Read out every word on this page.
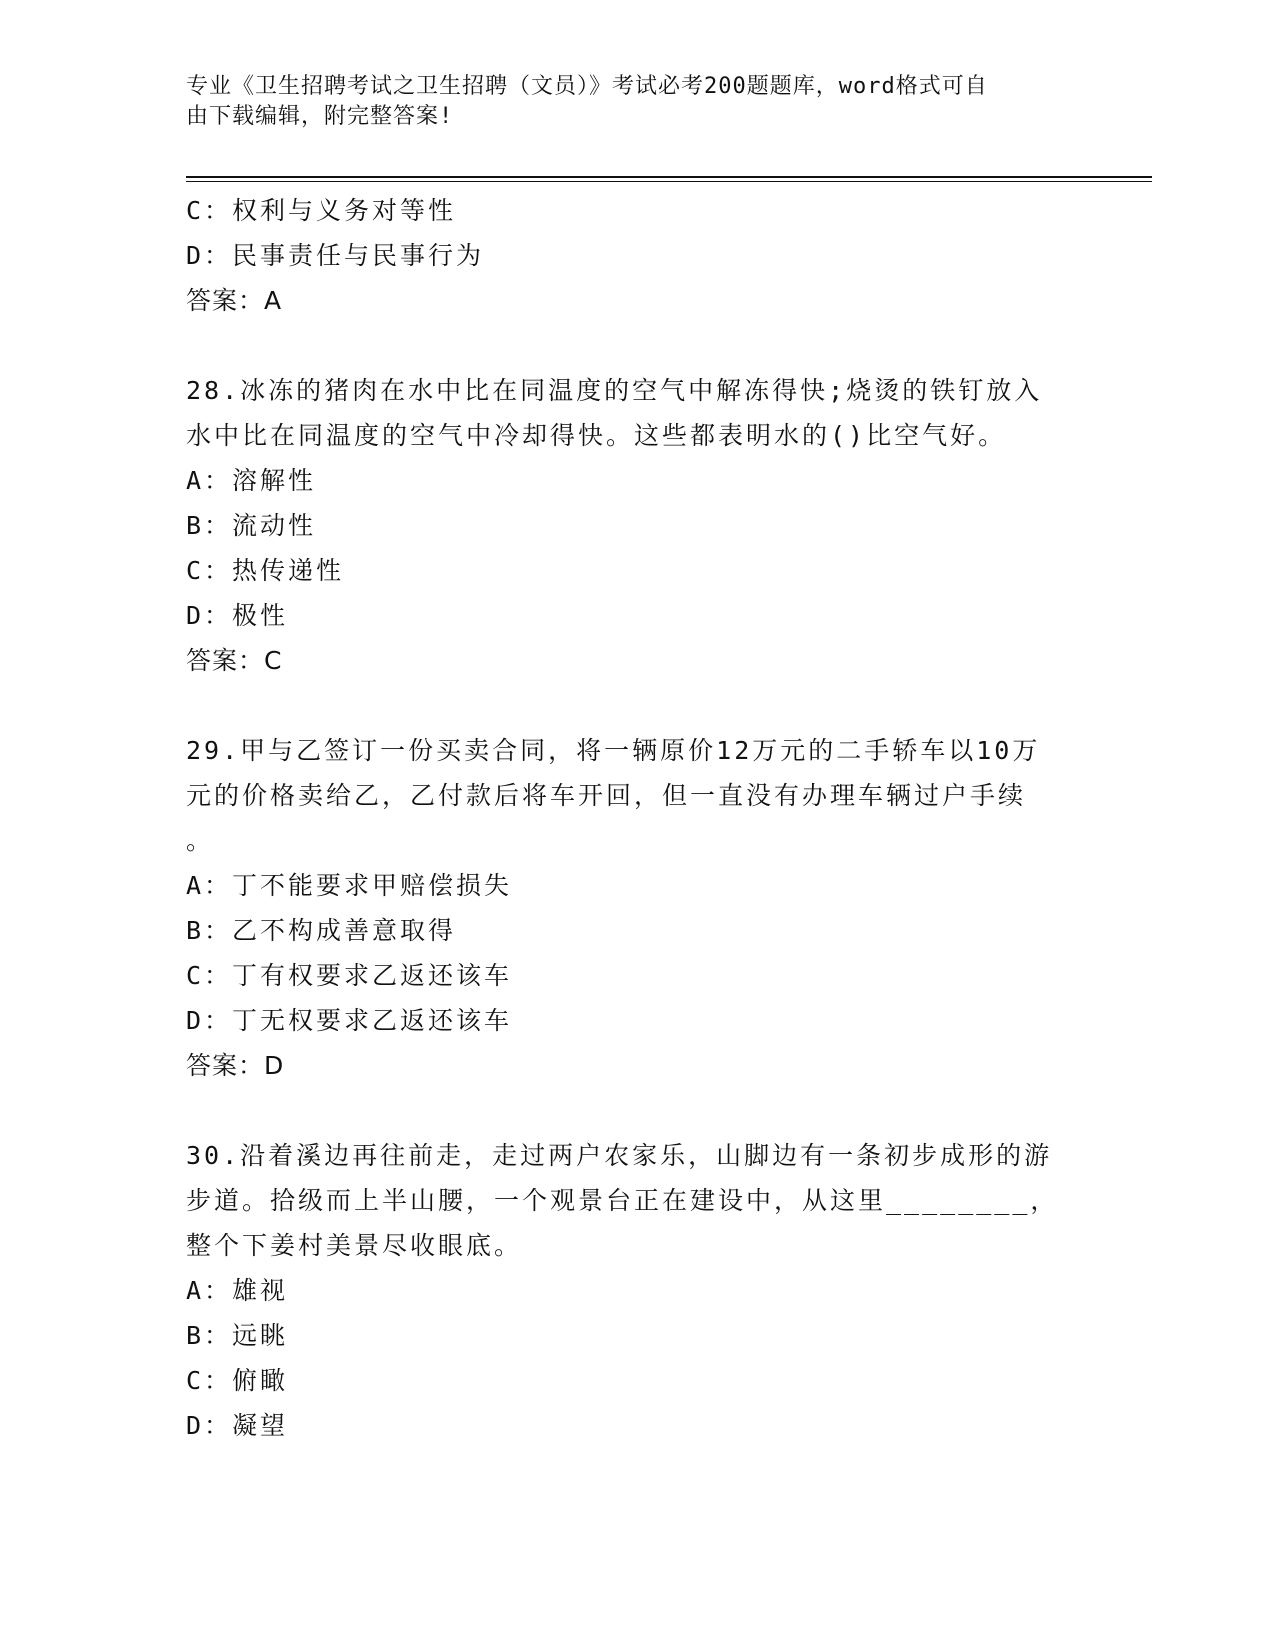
专业《卫生招聘考试之卫生招聘（文员）》考试必考200题题库，word格式可自
由下载编辑，附完整答案!
C：权利与义务对等性
D：民事责任与民事行为
答案：A
28.冰冻的猪肉在水中比在同温度的空气中解冻得快;烧烫的铁钉放入
水中比在同温度的空气中冷却得快。这些都表明水的()比空气好。
A：溶解性
B：流动性
C：热传递性
D：极性
答案：C
29.甲与乙签订一份买卖合同，将一辆原价12万元的二手轿车以10万
元的价格卖给乙，乙付款后将车开回，但一直没有办理车辆过户手续
。
A：丁不能要求甲赔偿损失
B：乙不构成善意取得
C：丁有权要求乙返还该车
D：丁无权要求乙返还该车
答案：D
30.沿着溪边再往前走，走过两户农家乐，山脚边有一条初步成形的游
步道。拾级而上半山腰，一个观景台正在建设中，从这里________，
整个下姜村美景尽收眼底。
A：雄视
B：远眺
C：俯瞰
D：凝望
